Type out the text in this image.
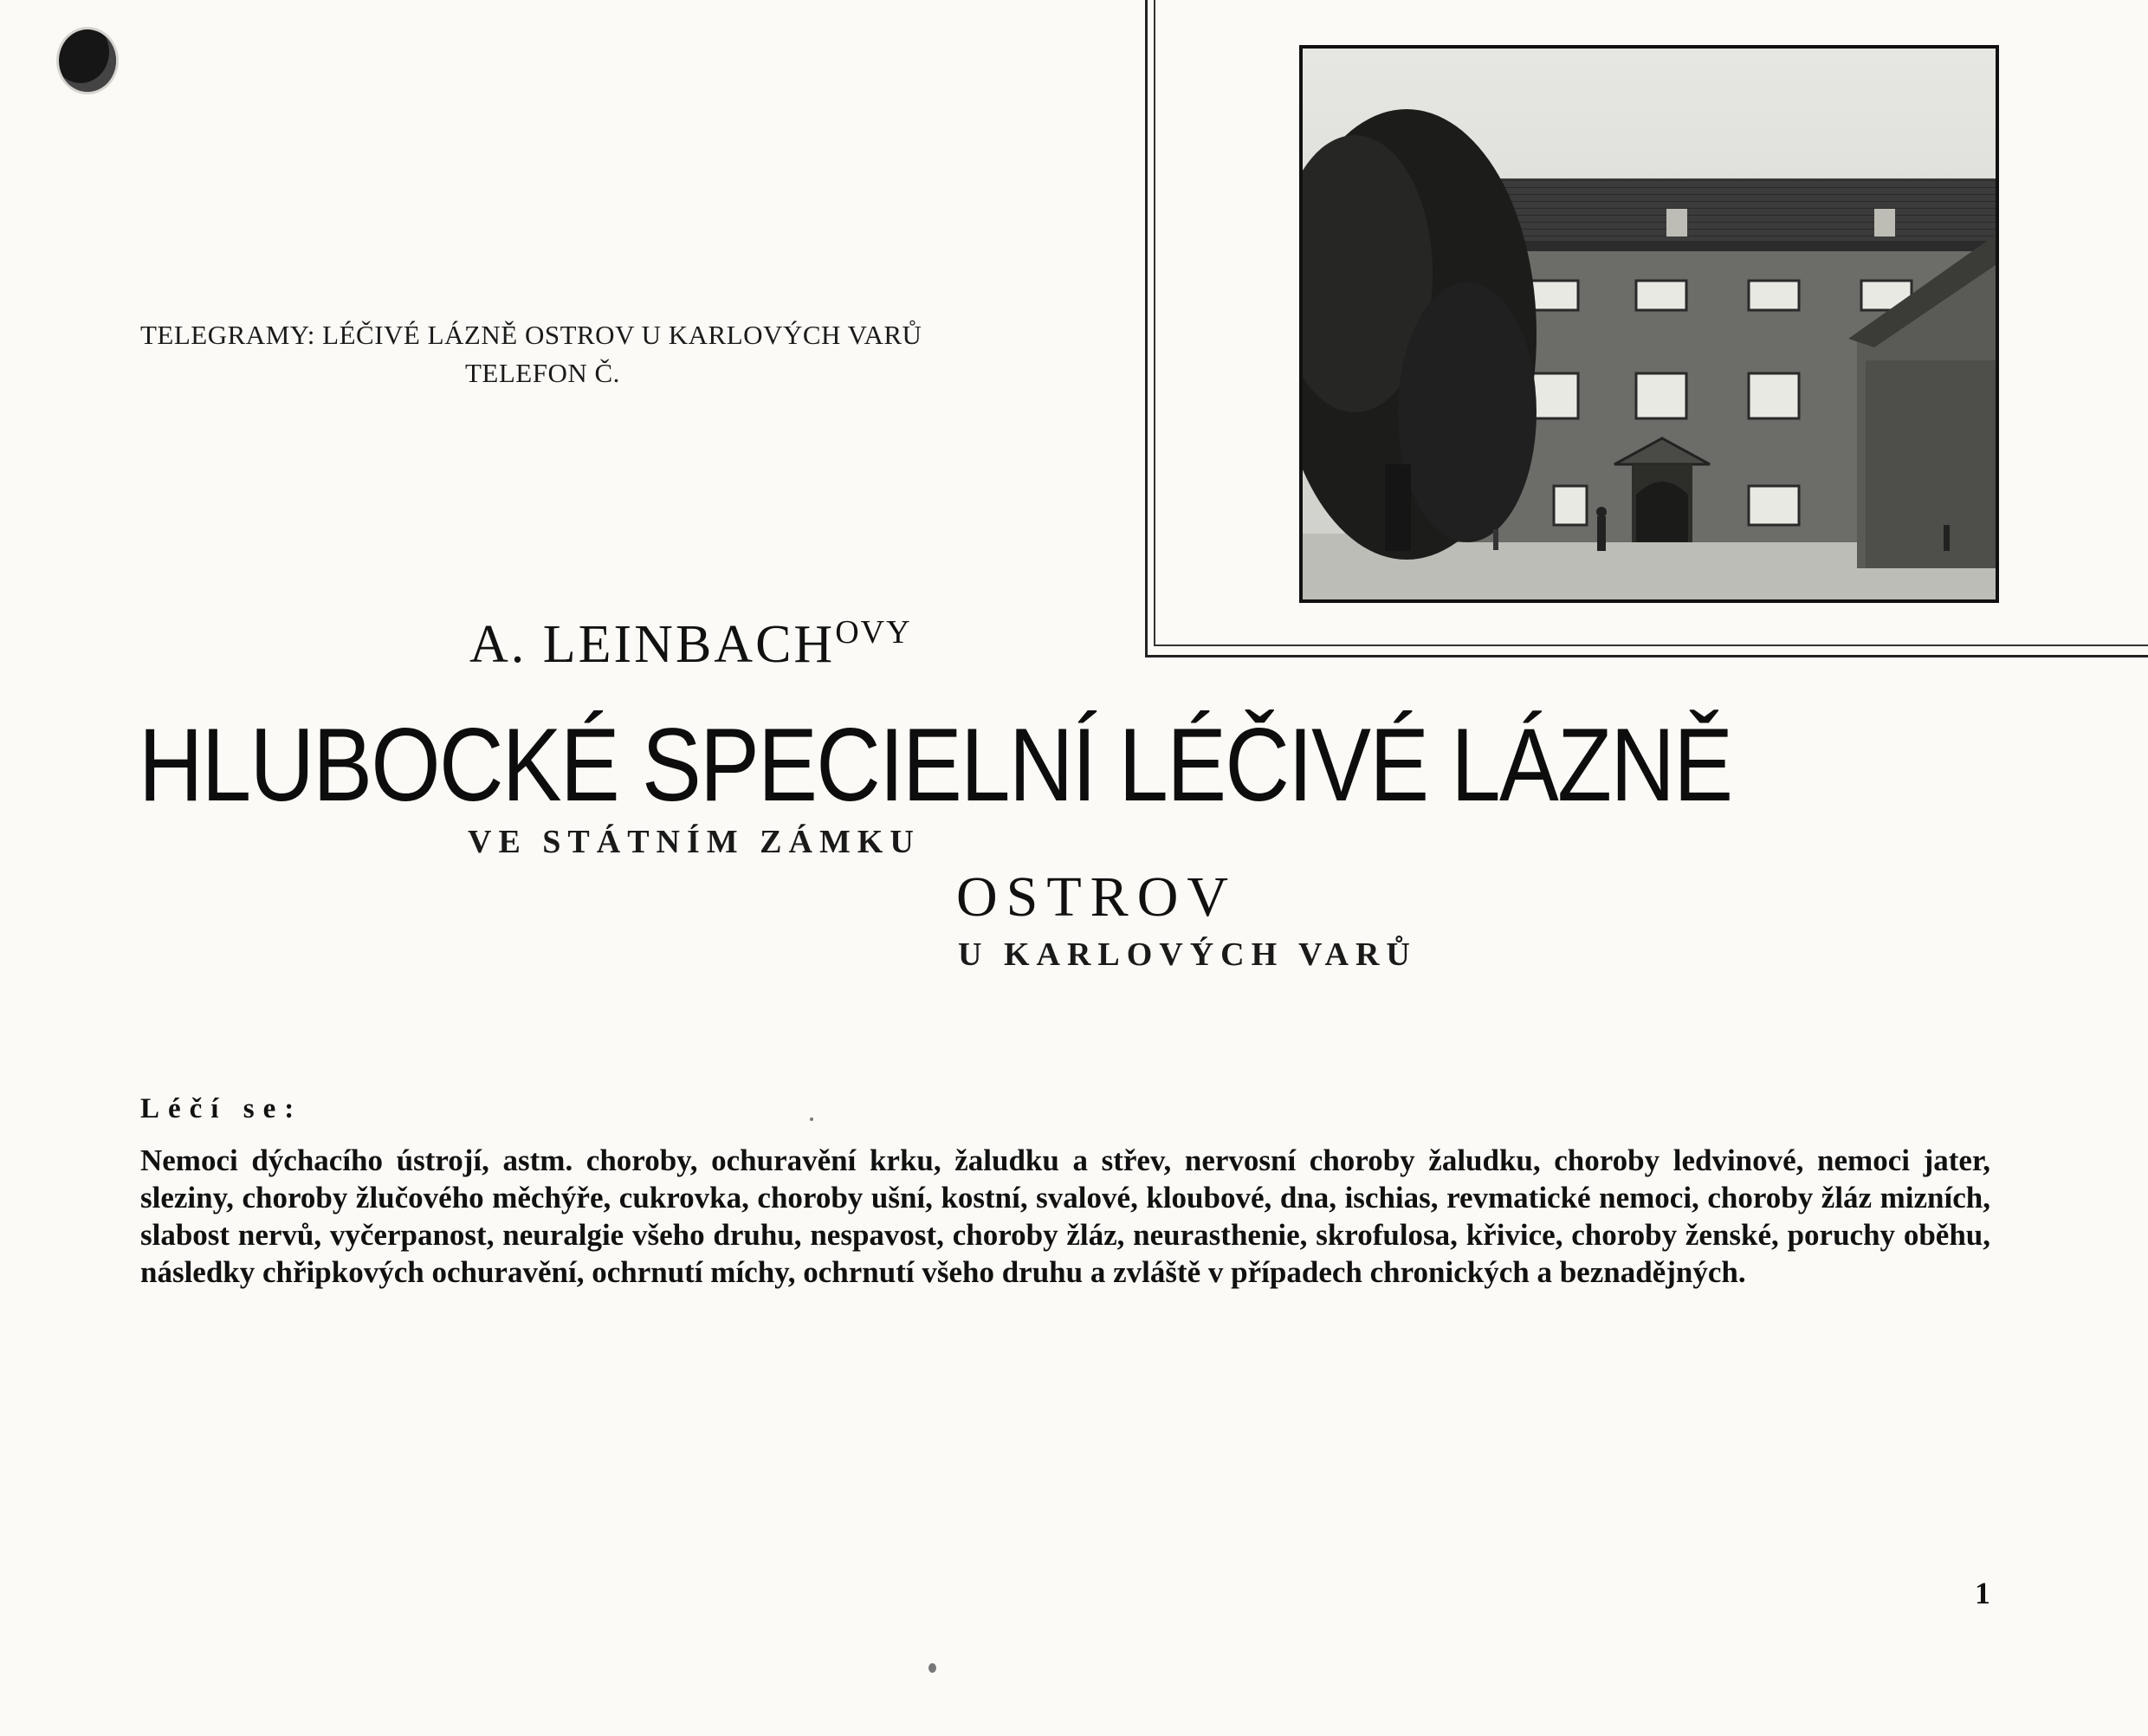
TELEGRAMY: LÉČIVÉ LÁZNĚ OSTROV U KARLOVÝCH VARŮ
TELEFON Č.
A. $LEINBACH^{OVY}$
HLUBOCKÉ SPECIELNÍ LÉČIVÉ LÁZNĚ
VE STÁTNÍM ZÁMKU
OSTROV
U KARLOVÝCH VARŮ
Léčí se:
Nemoci dýchacího ústrojí, astm. choroby, ochuravění krku, žaludku a střev, nervosní choroby žaludku, choroby ledvinové, nemoci jater, sleziny, choroby žlučového měchýře, cukrovka, choroby ušní, kostní, svalové, kloubové, dna, ischias, revmatické nemoci, choroby žláz mizních, slabost nervů, vyčerpanost, neuralgie všeho druhu, nespavost, choroby žláz, neurasthenie, skrofulosa, křivice, choroby ženské, poruchy oběhu, následky chřipkových ochuravění, ochrnutí míchy, ochrnutí všeho druhu a zvláště v případech chronických a beznadějných.
1
